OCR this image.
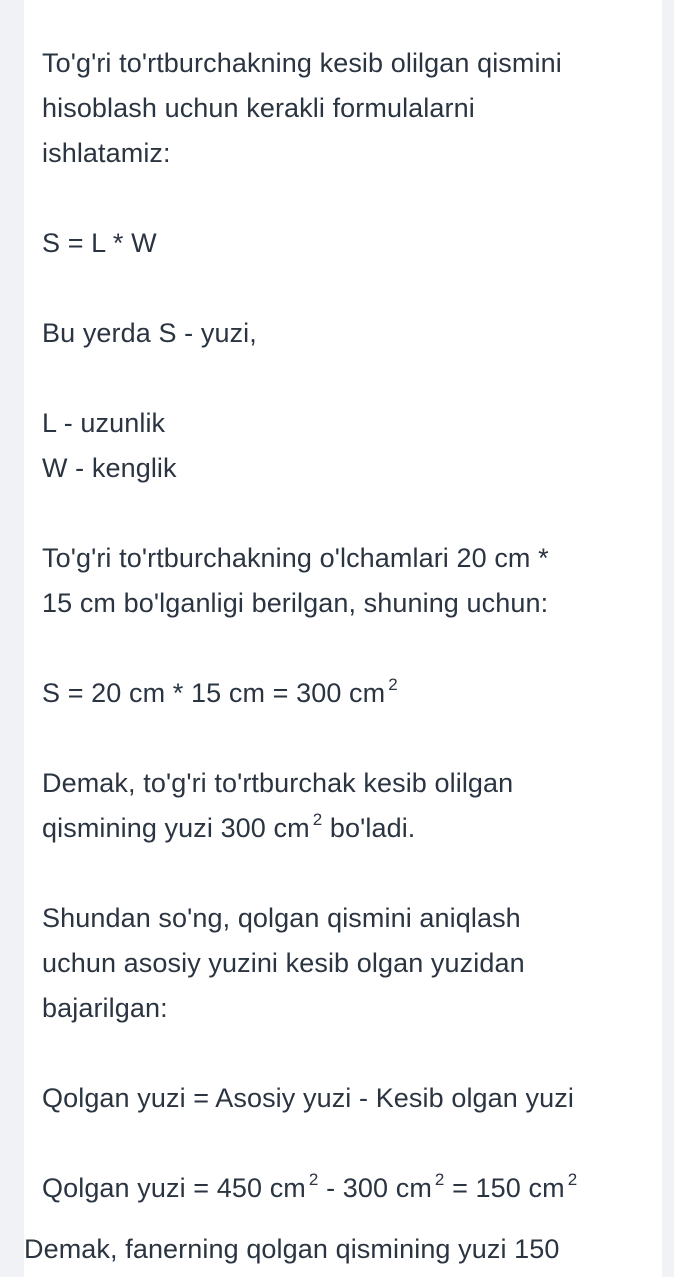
To'g'ri to'rtburchakning kesib olilgan qismini
hisoblash uchun kerakli formulalarni
ishlatamiz:
S = L * W
Bu yerda S - yuzi,
L - uzunlik
W - kenglik
To'g'ri to'rtburchakning o'lchamlari 20 cm *
15 cm bo'lganligi berilgan, shuning uchun:
S = 20 cm * 15 cm = 300 cm $^2$
Demak, to'g'ri to'rtburchak kesib olilgan
qismining yuzi 300 cm $^2$ bo'ladi.
Shundan so'ng, qolgan qismini aniqlash
uchun asosiy yuzini kesib olgan yuzidan
bajarilgan:
Qolgan yuzi = Asosiy yuzi - Kesib olgan yuzi
Qolgan yuzi = 450 cm $^2$ - 300 cm $^2$ = 150 cm $^2$
Demak, fanerning qolgan qismining yuzi 150
